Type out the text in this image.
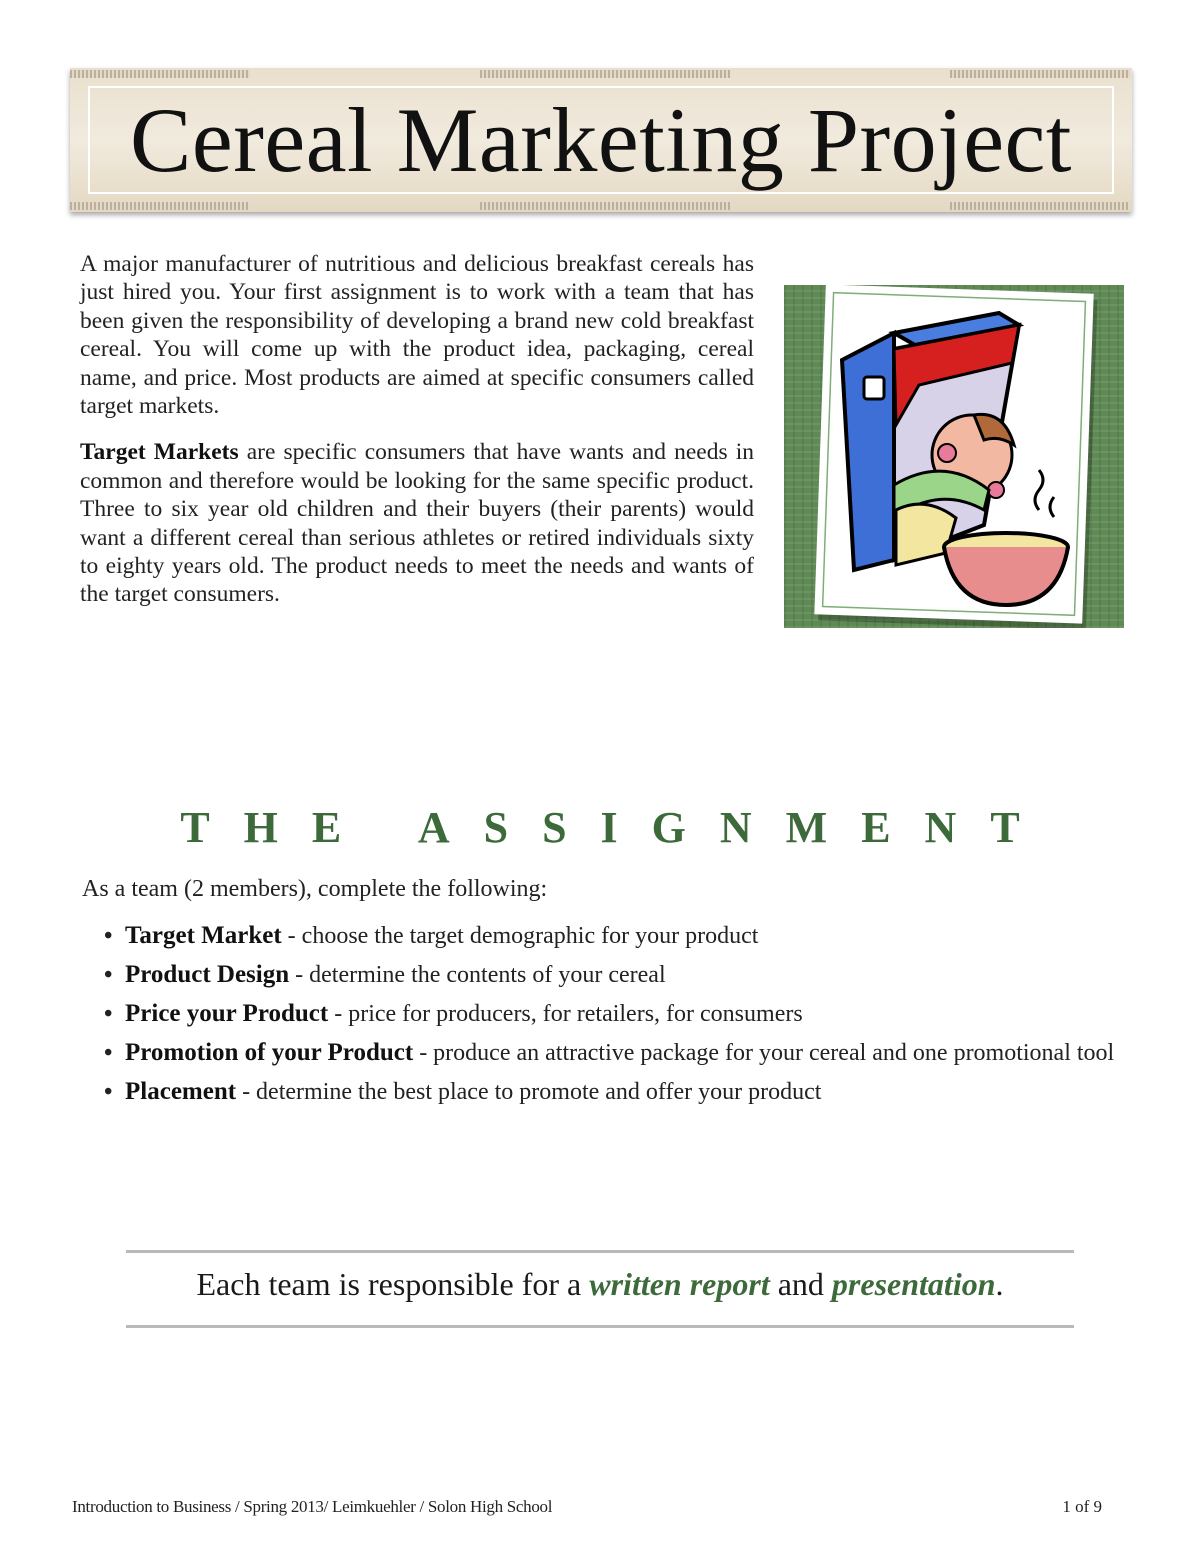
Cereal Marketing Project

A major manufacturer of nutritious and delicious breakfast cereals has just hired you. Your first assignment is to work with a team that has been given the responsibility of developing a brand new cold breakfast cereal. You will come up with the product idea, packaging, cereal name, and price. Most products are aimed at specific consumers called target markets.

Target Markets are specific consumers that have wants and needs in common and therefore would be looking for the same specific product. Three to six year old children and their buyers (their parents) would want a different cereal than serious athletes or retired individuals sixty to eighty years old. The product needs to meet the needs and wants of the target consumers.

THE ASSIGNMENT
As a team (2 members), complete the following:
• Target Market - choose the target demographic for your product
• Product Design - determine the contents of your cereal
• Price your Product - price for producers, for retailers, for consumers
• Promotion of your Product - produce an attractive package for your cereal and one promotional tool
• Placement - determine the best place to promote and offer your product
Each team is responsible for a written report and presentation.
Introduction to Business / Spring 2013/ Leimkuehler / Solon High School	1 of 9
